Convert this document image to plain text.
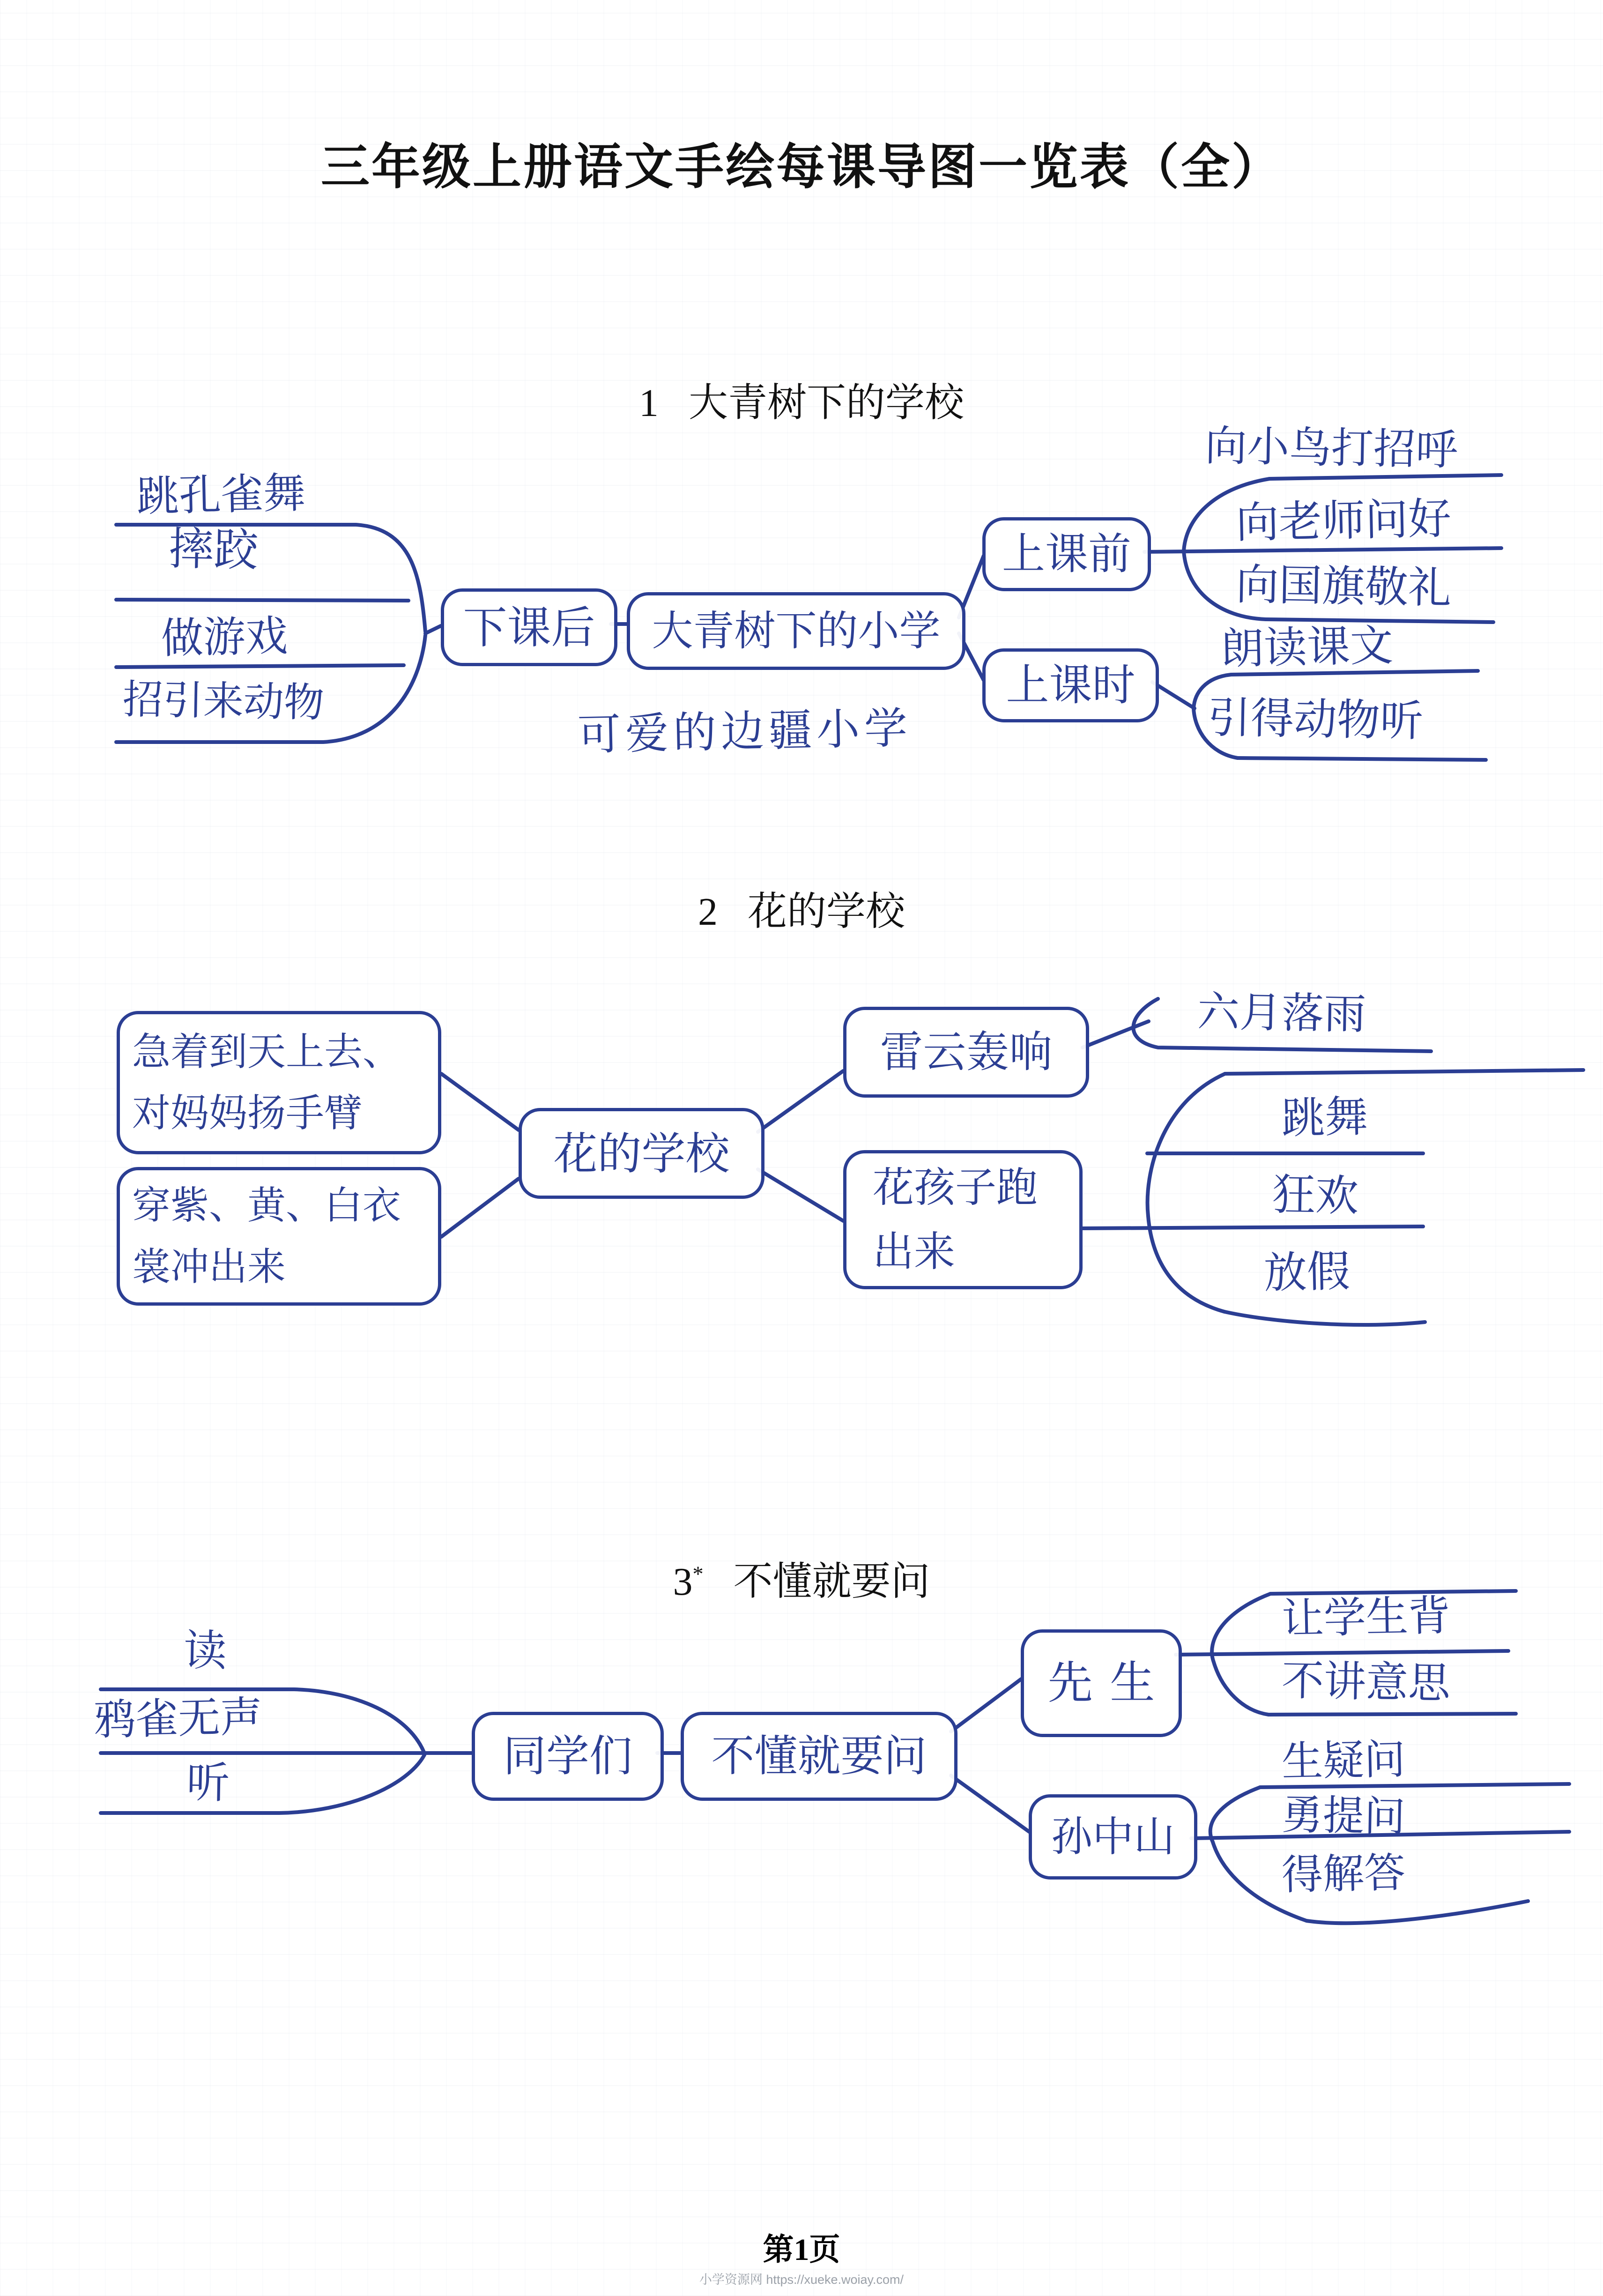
三年级上册语文手绘每课导图一览表（全）
1 大青树下的学校
跳孔雀舞
摔跤
做游戏
招引来动物
下课后	大青树下的小学
可爱的边疆小学
上课前
向小鸟打招呼
向老师问好
向国旗敬礼
上课时
朗读课文
引得动物听
2 花的学校
急着到天上去、对妈妈扬手臂
穿紫、黄、白衣裳冲出来
花的学校
雷云轰响
六月落雨
花孩子跑出来
跳舞
狂欢
放假
3* 不懂就要问
读
鸦雀无声
听
同学们	不懂就要问
先生
让学生背
不讲意思
孙中山
生疑问
勇提问
得解答
第1页
小学资源网 https://xueke.woiay.com/
